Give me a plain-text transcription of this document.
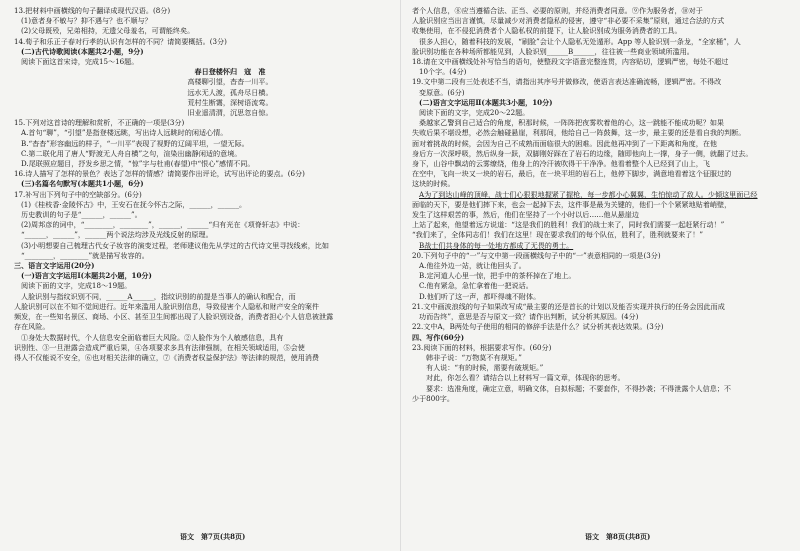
13.把材料中画横线的句子翻译成现代汉语。(8分)

(1)意者身不敏与？抑不遇与？也不顺与？

(2)父母既殁，兄弟相持，无遗父母羞名，可谓能终矣。

14.荀子和乐正子春对行孝的认识有怎样的不同？请简要概括。(3分)

(二)古代诗歌阅读(本题共2小题，9分)

阅读下面这首宋诗，完成15～16题。

春日登楼怀归　寇　准

高楼聊引望，杳杳一川平。

远水无人渡，孤舟尽日横。

荒村生断霭，深树语流莺。

旧业遥清渭，沉思忽自惊。

15.下列对这首诗的理解和赏析，不正确的一项是(3分)

A.首句“聊”，“引望”是指登楼远眺，写出诗人远眺时的闲适心情。

B.“杳杳”形容幽远的样子，“一川平”表现了视野的辽阔平坦，一望无际。

C.第二联化用了唐人“野渡无人舟自横”之句，渲染出幽静闲适的意境。

D.尾联照应题目，抒发乡思之情，“惊”字与杜甫(春望)中“恨心”感情不同。

16.诗人描写了怎样的景色？表达了怎样的情感？请简要作出评论，试写出评论的要点。(6分)

(三)名篇名句默写(本题共1小题，6分)

17.补写出下列句子中的空缺部分。(6分)

(1)《桂枝香·金陵怀古》中，王安石在抚今怀古之际，______，______。

历史教训的句子是“______，______”。

(2)周邦彦的词中，“________，________”，______，______“归有光在《项脊轩志》中说：

“______，______”，______两个说法均涉及光线反射的原理。

(3)小明想要自己梳理古代女子妆容的演变过程，老师建议他先从学过的古代诗文里寻找线索，比如

“________，________”就是描写妆容的。

三、语言文字运用(20分)

(一)语言文字运用Ⅰ(本题共2小题，10分)

阅读下面的文字，完成18～19题。

人脸识别与指纹识别不同，______A______，指纹识别的前提是当事人的确认和配合，而

人脸识别可以在不知不觉间进行。近年来滥用人脸识别信息，导致侵害个人隐私和财产安全的案件

频发，在一些知名景区、商场、小区、甚至卫生间都出现了人脸识别设备，消费者担心个人信息被泄露

存在风险。

①身处大数据时代，个人信息安全面临着巨大风险。②人脸作为个人敏感信息，具有

识别性、③一旦泄露会造成严重后果，④各项要求多具有法律强制，在相关领域适用，⑤会使

得人不仅能说不安全，⑥也对相关法律的确立，⑦《消费者权益保护法》等法律的规范，使用消费

者个人信息，⑧应当遵循合法、正当、必要的原则，并经消费者同意。⑨作为服务者，⑩对于

人脸识别应当出言谨慎，尽量减少对消费者隐私的侵害，遵守“非必要不采集”原则，通过合法的方式

收集使用，在不侵犯消费者个人隐私权的前提下，让人脸识别成为服务消费者的工具。

很多人担心，随着科技的发展，“刷脸”会让个人隐私无处遁形。App 等人脸识别一条龙，“全家桶”，人

脸识别功能在各种场所都能见到，人脸识别______B______，往往被一些商业领域所滥用。

18.请在文中画横线处补写恰当的语句，使整段文字语意完整连贯，内容贴切，逻辑严密，每处不超过

10个字。(4分)

19.文中第二段有三处表述不当，请指出其序号并做修改，使语言表达准确流畅，逻辑严密。不得改

变原意。(6分)

(二)语言文字运用Ⅱ(本题共3小题，10分)

阅读下面的文字，完成20～22题。

桑越家乙警到自己适合的角度，积那时候，一阵阵把夜雾吹着他的心，这一跳能不能成功呢？如果

失败后果不堪设想，必然会触碰悬崖，利那间，他给自己一阵鼓舞，这一步，最主要的还是看自我的判断。

面对着挑战的时候，会因为自己不成熟而面临很大的困难。因此他再冲到了一下距离和角度，在他

身后方一次深呼吸，然后纵身一跃，双脚刚好踩在了岩石的边缘，随即他向上一撑，身子一侧，就翻了过去。

身下，山谷中飘动的云雾缭绕，他身上的冷汗被吹得干干净净。他看着整个人已经到了山上，飞

在空中，飞向一块又一块的岩石，最后，在一块平坦的岩石上，他停下脚步，满意地看着这个征服过的

这块的时候。

A为了到达山峰的顶峰，战士们心狠狠地握紧了握枪，每一步都小心翼翼，生怕惊动了敌人。少倾这里面已经

面临的天下，要是他们摔下来，也会一起掉下去，这件事是最为关键的，他们一个个紧紧地贴着峭壁，

发生了这样艰苦的事，然后，他们在坚持了一个小时以后……他从悬崖边

上站了起来，他望着远方说道：“这是我们的胜利！我们的战士来了，同时我们需要一起赶紧行动！”

“我们来了，全体同志们！我们在这里！现在要求我们的每个队伍，胜利了，胜利就要来了！”

B战士们共身体的每一处地方都成了无畏的勇士。

20.下列句子中的“一”与文中第一段画横线句子中的“一”表意相同的一项是(3分)

A.他往外边一站，就让他回头了。

B.定河道人心里一惊，把手中的茶杯掉在了地上。

C.他有紧急，急忙拿着他一把说话。

D.他们听了这一声，都吓得魂不附体。

21.文中画波浪线的句子如果改写成“最主要的还是首长的计划以及能否实现并执行的任务会因此而成

功而告终”，意思是否与原文一致？请作出判断，试分析其原因。(4分)

22.文中A，B两处句子使用的相同的修辞手法是什么？试分析其表达效果。(3分)

四、写作(60分)

23.阅读下面的材料，根据要求写作。(60分)

韩非子说：“万物莫不有规矩。”

有人说：“有的时候，需要有破规矩。”

对此，你怎么看？请结合以上材料写一篇文章，体现你的思考。

要求：选准角度，确定立意，明确文体，自拟标题；不要套作，不得抄袭；不得泄露个人信息；不

少于800字。

语文　第7页(共8页)	语文　第8页(共8页)
